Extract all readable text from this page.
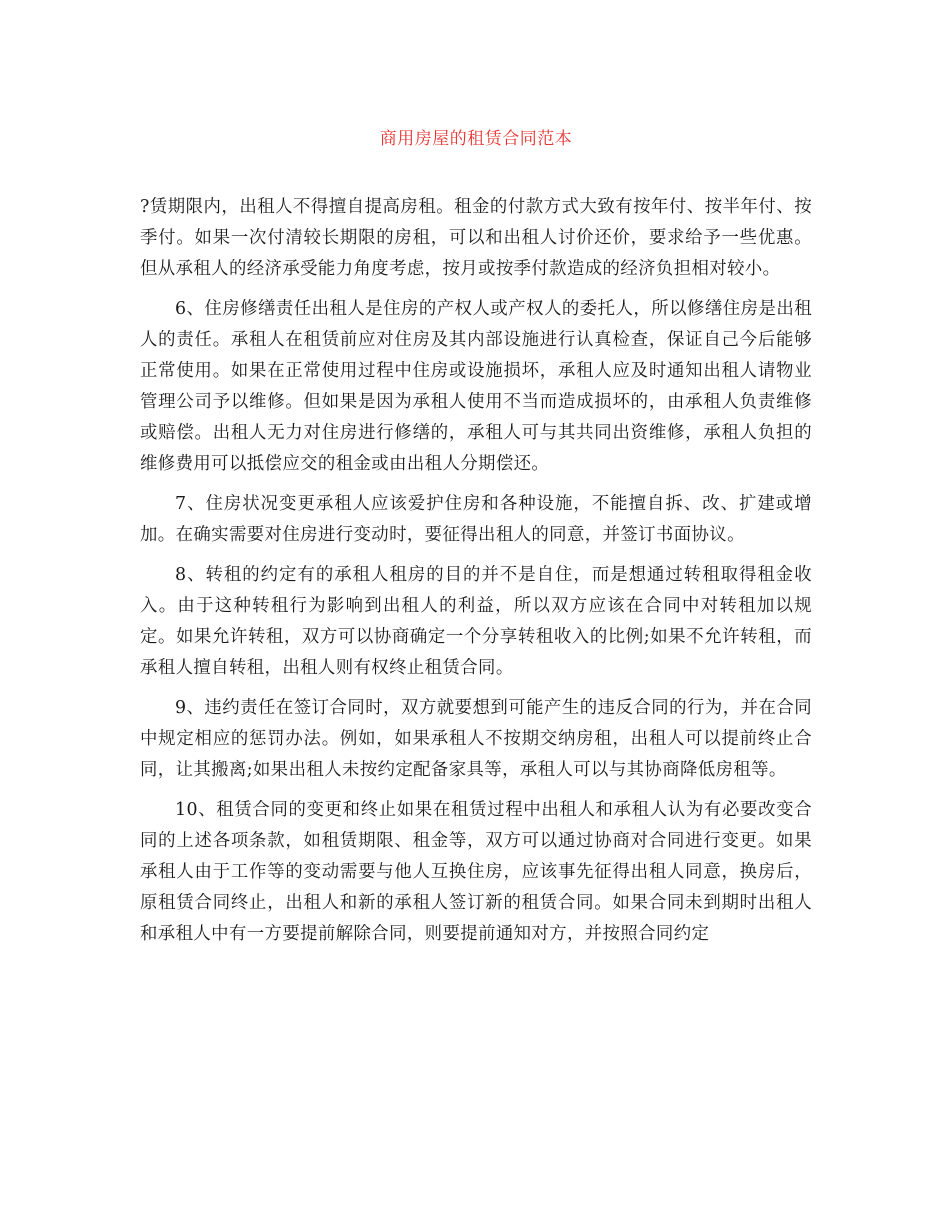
商用房屋的租赁合同范本

?赁期限内，出租人不得擅自提高房租。租金的付款方式大致有按年付、按半年付、按季付。如果一次付清较长期限的房租，可以和出租人讨价还价，要求给予一些优惠。但从承租人的经济承受能力角度考虑，按月或按季付款造成的经济负担相对较小。

6、住房修缮责任出租人是住房的产权人或产权人的委托人，所以修缮住房是出租人的责任。承租人在租赁前应对住房及其内部设施进行认真检查，保证自己今后能够正常使用。如果在正常使用过程中住房或设施损坏，承租人应及时通知出租人请物业管理公司予以维修。但如果是因为承租人使用不当而造成损坏的，由承租人负责维修或赔偿。出租人无力对住房进行修缮的，承租人可与其共同出资维修，承租人负担的维修费用可以抵偿应交的租金或由出租人分期偿还。

7、住房状况变更承租人应该爱护住房和各种设施，不能擅自拆、改、扩建或增加。在确实需要对住房进行变动时，要征得出租人的同意，并签订书面协议。

8、转租的约定有的承租人租房的目的并不是自住，而是想通过转租取得租金收入。由于这种转租行为影响到出租人的利益，所以双方应该在合同中对转租加以规定。如果允许转租，双方可以协商确定一个分享转租收入的比例;如果不允许转租，而承租人擅自转租，出租人则有权终止租赁合同。

9、违约责任在签订合同时，双方就要想到可能产生的违反合同的行为，并在合同中规定相应的惩罚办法。例如，如果承租人不按期交纳房租，出租人可以提前终止合同，让其搬离;如果出租人未按约定配备家具等，承租人可以与其协商降低房租等。

10、租赁合同的变更和终止如果在租赁过程中出租人和承租人认为有必要改变合同的上述各项条款，如租赁期限、租金等，双方可以通过协商对合同进行变更。如果承租人由于工作等的变动需要与他人互换住房，应该事先征得出租人同意，换房后，原租赁合同终止，出租人和新的承租人签订新的租赁合同。如果合同未到期时出租人和承租人中有一方要提前解除合同，则要提前通知对方，并按照合同约定
